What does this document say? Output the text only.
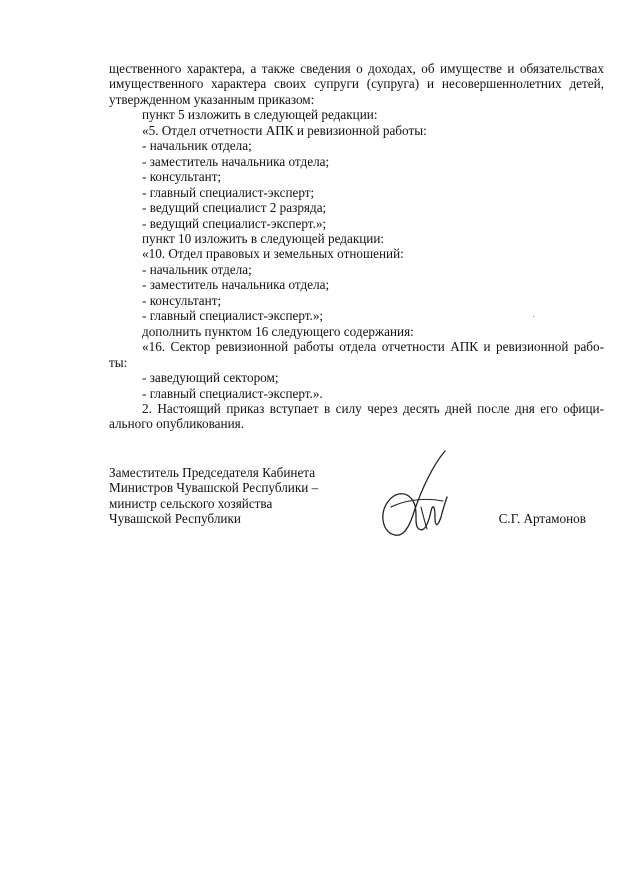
щественного характера, а также сведения о доходах, об имуществе и обязательствах
имущественного характера своих супруги (супруга) и несовершеннолетних детей,
утвержденном указанным приказом:
пункт 5 изложить в следующей редакции:
«5. Отдел отчетности АПК и ревизионной работы:
- начальник отдела;
- заместитель начальника отдела;
- консультант;
- главный специалист-эксперт;
- ведущий специалист 2 разряда;
- ведущий специалист-эксперт.»;
пункт 10 изложить в следующей редакции:
«10. Отдел правовых и земельных отношений:
- начальник отдела;
- заместитель начальника отдела;
- консультант;
- главный специалист-эксперт.»;
дополнить пунктом 16 следующего содержания:
«16. Сектор ревизионной работы отдела отчетности АПК и ревизионной рабо-
ты:
- заведующий сектором;
- главный специалист-эксперт.».
2. Настоящий приказ вступает в силу через десять дней после дня его офици-
ального опубликования.
Заместитель Председателя Кабинета
Министров Чувашской Республики –
министр сельского хозяйства
Чувашской Республики	С.Г. Артамонов
